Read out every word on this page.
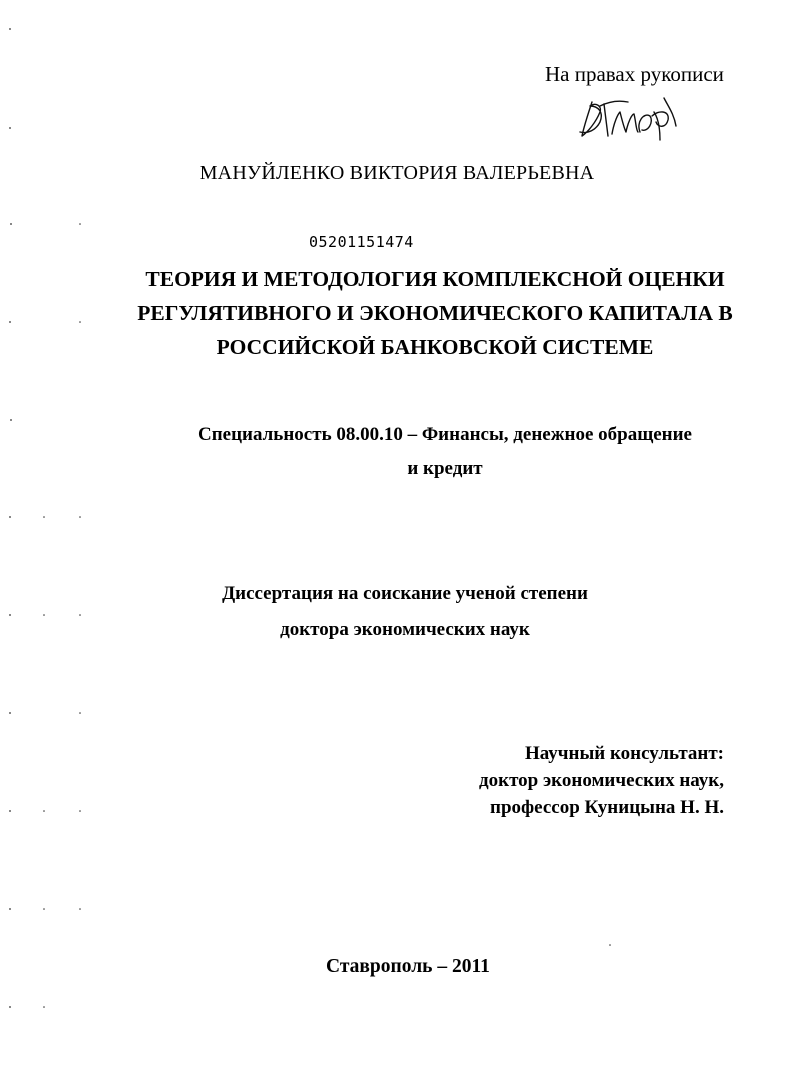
На правах рукописи
Вторф
МАНУЙЛЕНКО ВИКТОРИЯ ВАЛЕРЬЕВНА
05201151474
ТЕОРИЯ И МЕТОДОЛОГИЯ КОМПЛЕКСНОЙ ОЦЕНКИ
РЕГУЛЯТИВНОГО И ЭКОНОМИЧЕСКОГО КАПИТАЛА В
РОССИЙСКОЙ БАНКОВСКОЙ СИСТЕМЕ
Специальность 08.00.10 – Финансы, денежное обращение
и кредит
Диссертация на соискание ученой степени
доктора экономических наук
Научный консультант:
доктор экономических наук,
профессор Куницына Н. Н.
Ставрополь – 2011
